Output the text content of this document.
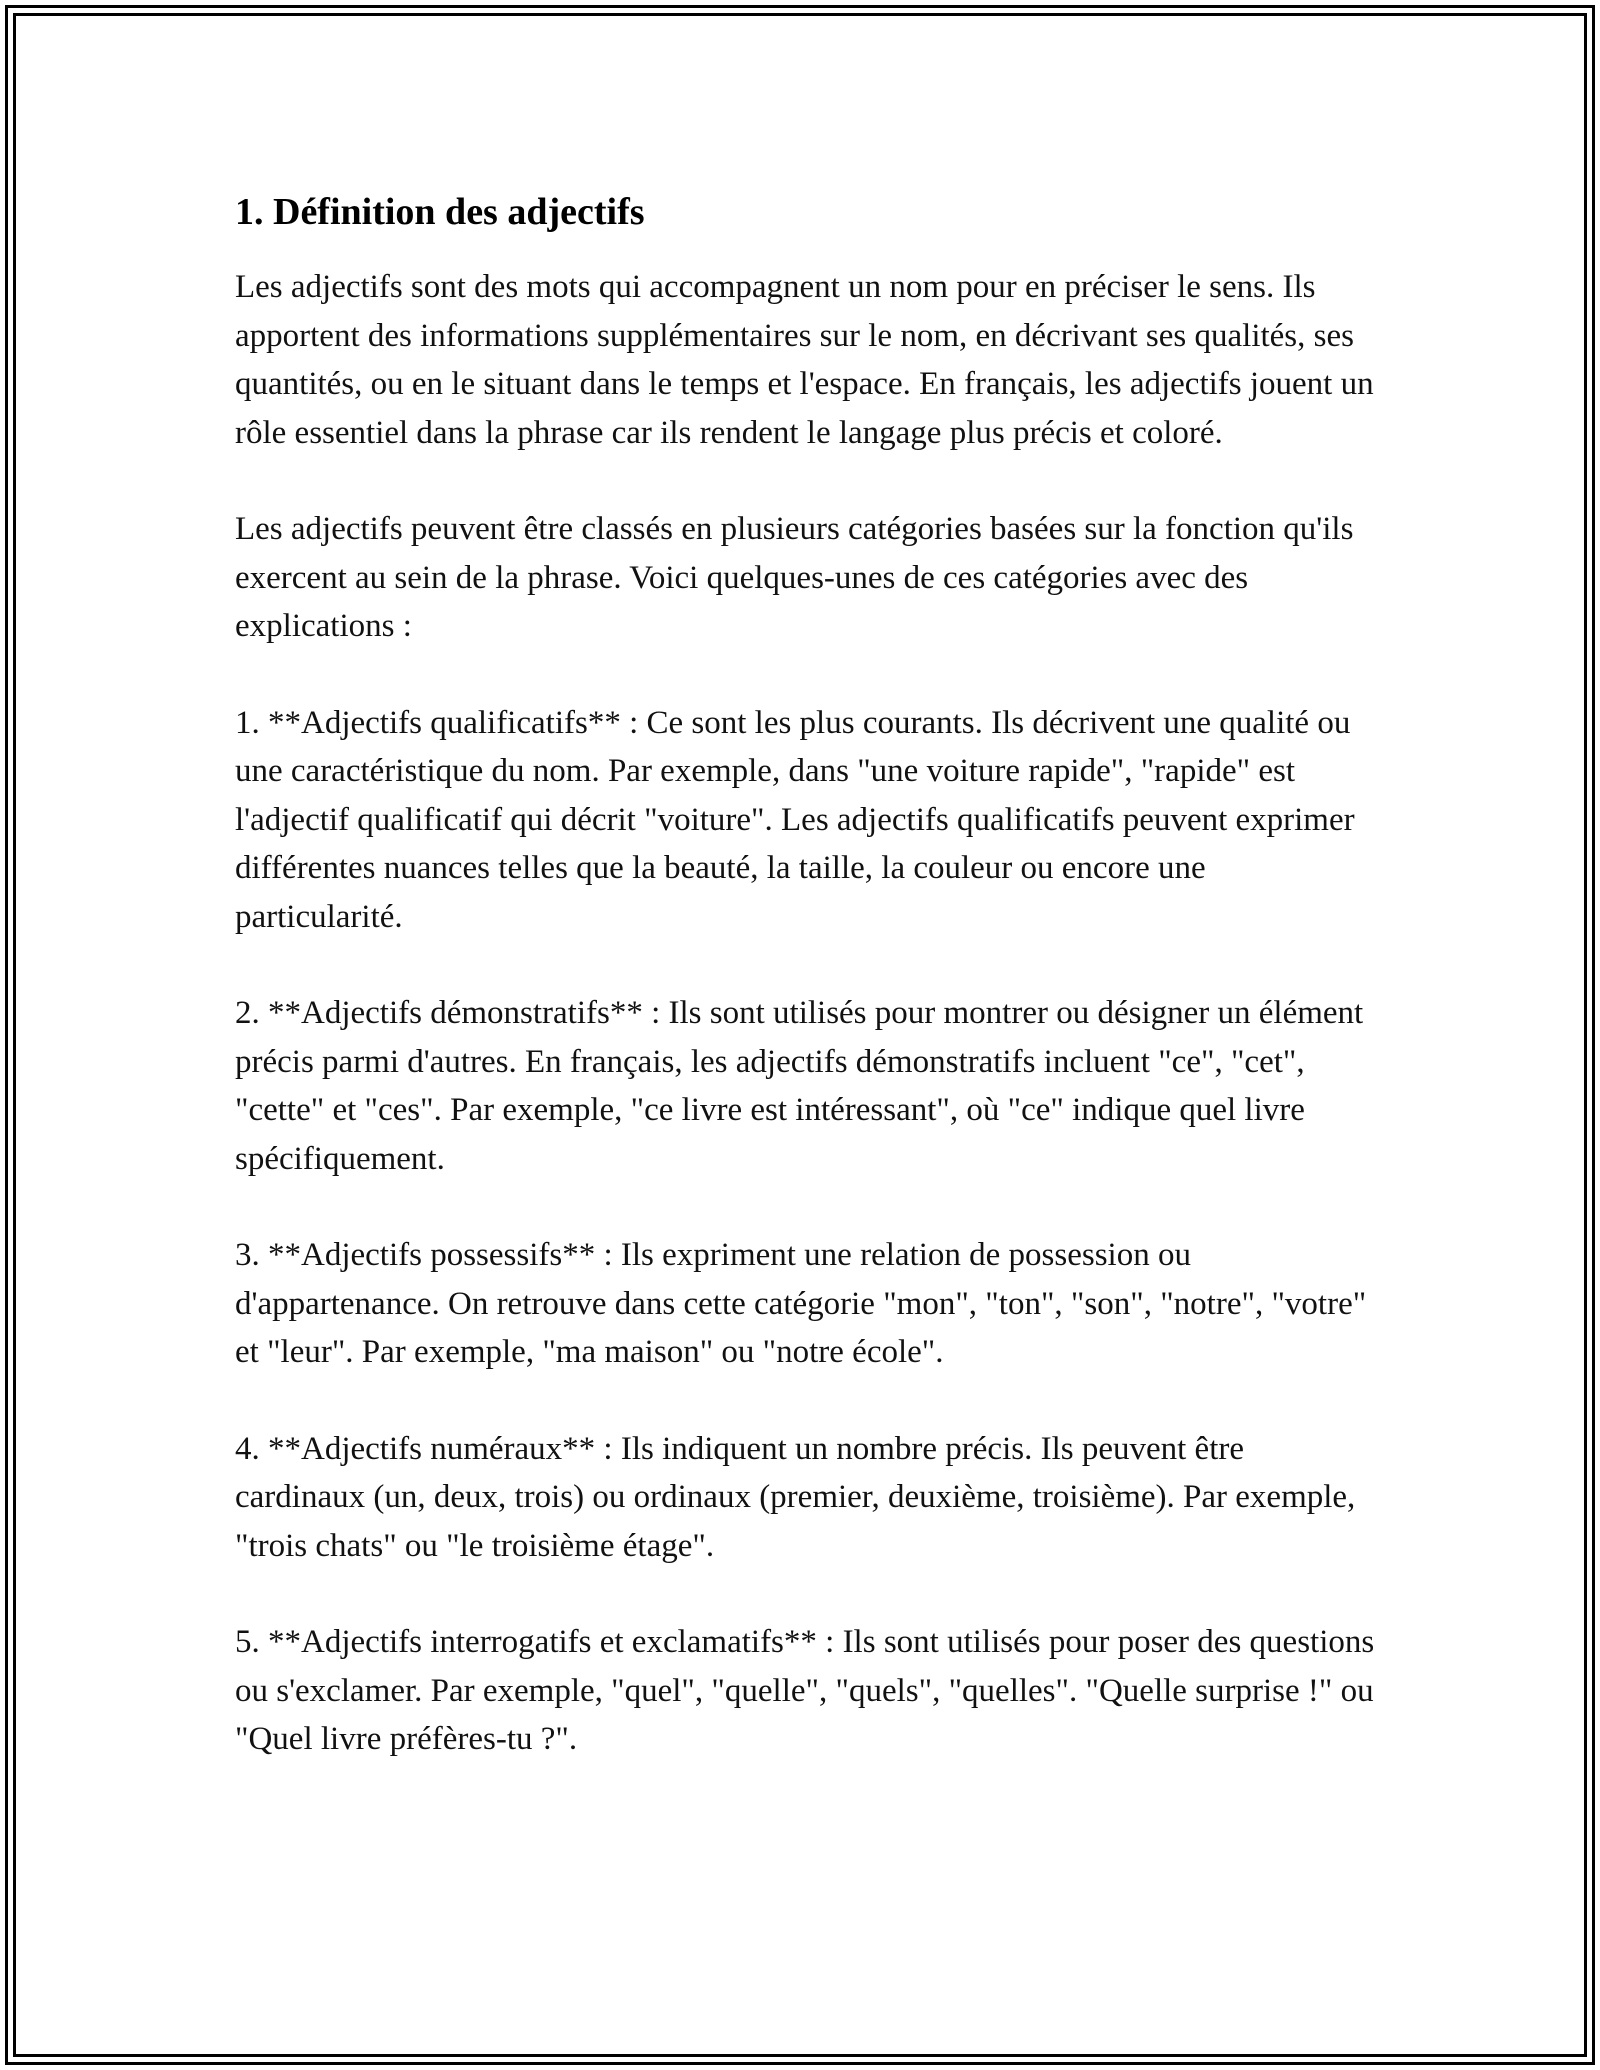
1. Définition des adjectifs

Les adjectifs sont des mots qui accompagnent un nom pour en préciser le sens. Ils apportent des informations supplémentaires sur le nom, en décrivant ses qualités, ses quantités, ou en le situant dans le temps et l'espace. En français, les adjectifs jouent un rôle essentiel dans la phrase car ils rendent le langage plus précis et coloré.

Les adjectifs peuvent être classés en plusieurs catégories basées sur la fonction qu'ils exercent au sein de la phrase. Voici quelques-unes de ces catégories avec des explications :

1. **Adjectifs qualificatifs** : Ce sont les plus courants. Ils décrivent une qualité ou une caractéristique du nom. Par exemple, dans "une voiture rapide", "rapide" est l'adjectif qualificatif qui décrit "voiture". Les adjectifs qualificatifs peuvent exprimer différentes nuances telles que la beauté, la taille, la couleur ou encore une particularité.

2. **Adjectifs démonstratifs** : Ils sont utilisés pour montrer ou désigner un élément précis parmi d'autres. En français, les adjectifs démonstratifs incluent "ce", "cet", "cette" et "ces". Par exemple, "ce livre est intéressant", où "ce" indique quel livre spécifiquement.

3. **Adjectifs possessifs** : Ils expriment une relation de possession ou d'appartenance. On retrouve dans cette catégorie "mon", "ton", "son", "notre", "votre" et "leur". Par exemple, "ma maison" ou "notre école".

4. **Adjectifs numéraux** : Ils indiquent un nombre précis. Ils peuvent être cardinaux (un, deux, trois) ou ordinaux (premier, deuxième, troisième). Par exemple, "trois chats" ou "le troisième étage".

5. **Adjectifs interrogatifs et exclamatifs** : Ils sont utilisés pour poser des questions ou s'exclamer. Par exemple, "quel", "quelle", "quels", "quelles". "Quelle surprise !" ou "Quel livre préfères-tu ?".
